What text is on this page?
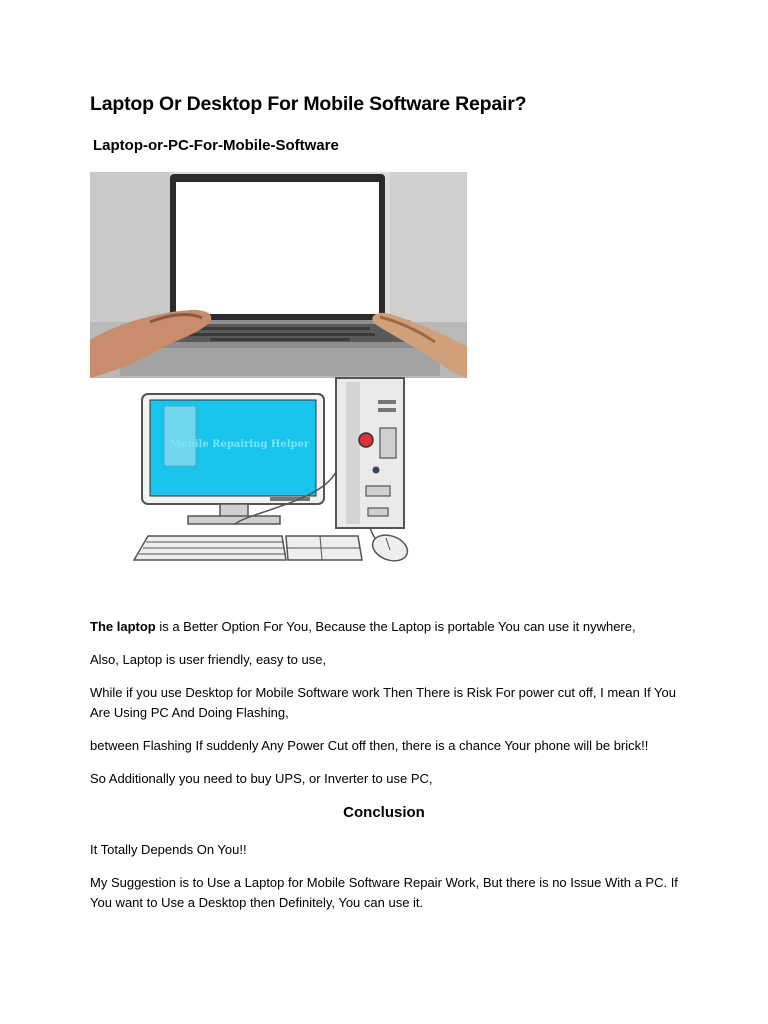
Laptop Or Desktop For Mobile Software Repair?
Laptop-or-PC-For-Mobile-Software
Mobile Repairing Helper

The laptop is a Better Option For You, Because the Laptop is portable You can use it nywhere,

Also, Laptop is user friendly, easy to use,

While if you use Desktop for Mobile Software work Then There is Risk For power cut off, I mean If You Are Using PC And Doing Flashing,

between Flashing If suddenly Any Power Cut off then, there is a chance Your phone will be brick!!

So Additionally you need to buy UPS, or Inverter to use PC,

Conclusion

It Totally Depends On You!!

My Suggestion is to Use a Laptop for Mobile Software Repair Work, But there is no Issue With a PC. If You want to Use a Desktop then Definitely, You can use it.
